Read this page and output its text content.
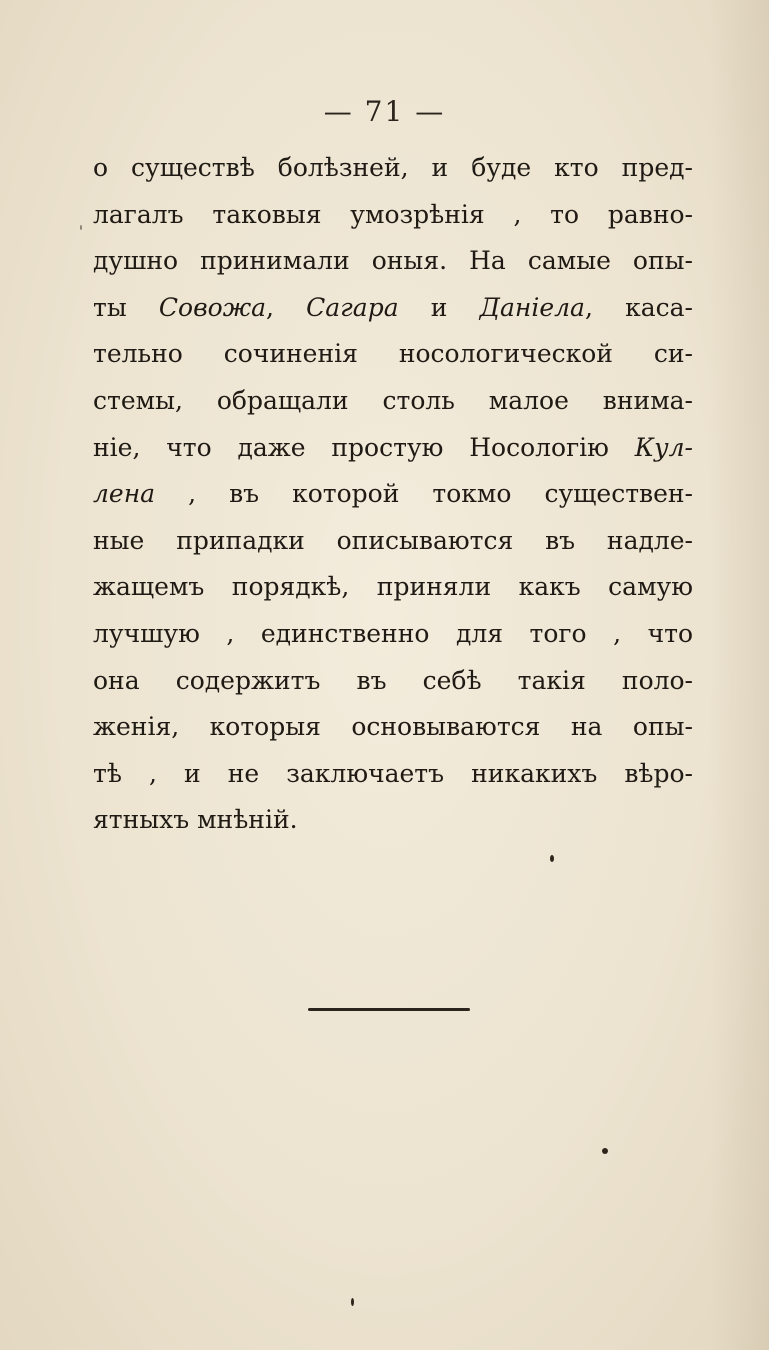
— 71 —
о существѣ болѣзней, и буде кто пред-
лагалъ таковыя умозрѣнія , то равно-
душно принимали оныя. На самые опы-
ты Совожа, Сагара и Даніела, каса-
тельно сочиненія носологической си-
стемы, обращали столь малое внима-
ніе, что даже простую Носологію Кул-
лена , въ которой токмо существен-
ные припадки описываются въ надле-
жащемъ порядкѣ, приняли какъ самую
лучшую , единственно для того , что
она содержитъ въ себѣ такія поло-
женія, которыя основываются на опы-
тѣ , и не заключаетъ никакихъ вѣро-
ятныхъ мнѣній.
